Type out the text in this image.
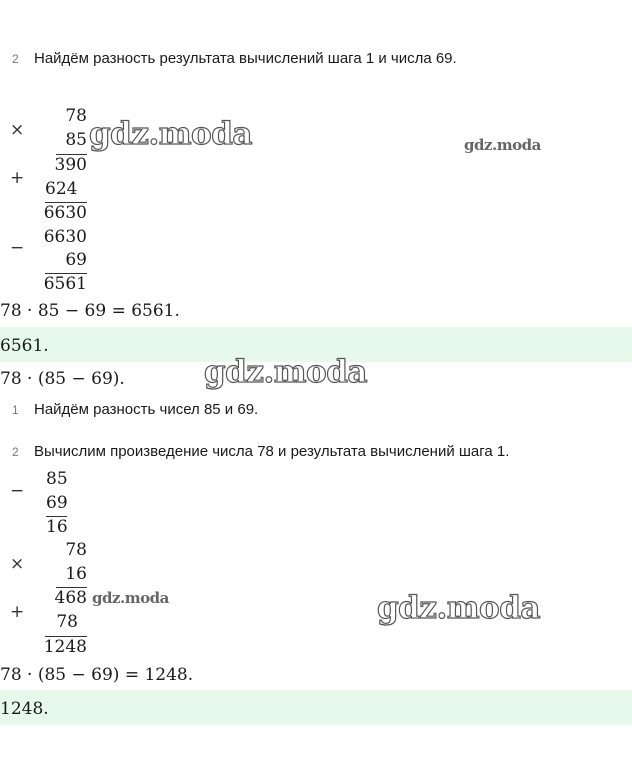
2 Найдём разность результата вычислений шага 1 и числа 69.
×
78
85
390
+
624
6630
−
6630
69
6561
78 · 85 − 69 = 6561.
6561.
78 · (85 − 69).
1 Найдём разность чисел 85 и 69.
2 Вычислим произведение числа 78 и результата вычислений шага 1.
−
85
69
16
×
78
16
468
+	78
1248
78 · (85 − 69) = 1248.
1248.
gdz.moda	gdz.moda
gdz.moda
gdz.moda	gdz.moda
